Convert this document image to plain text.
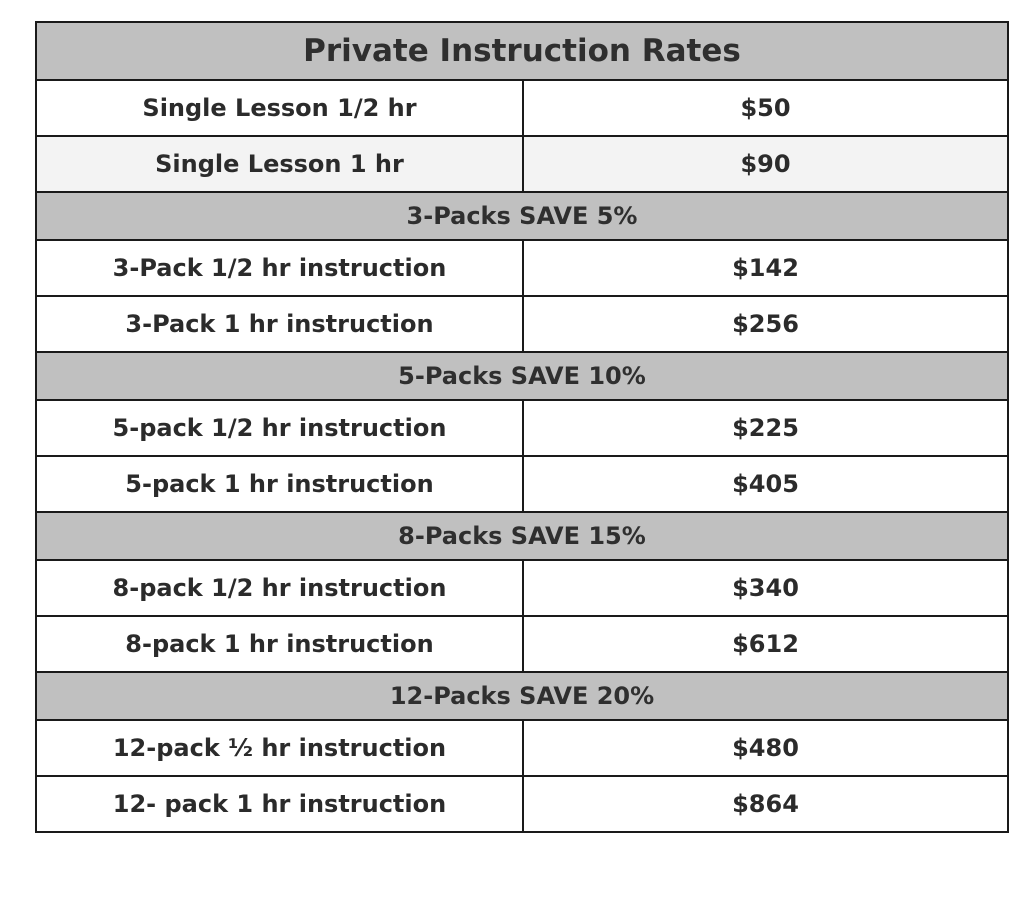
Private Instruction Rates	
Single Lesson 1/2 hr	$50
Single Lesson 1 hr	$90
3-Packs SAVE 5%	
3-Pack 1/2 hr instruction	$142
3-Pack 1 hr instruction	$256
5-Packs SAVE 10%	
5-pack 1/2 hr instruction	$225
5-pack 1 hr instruction	$405
8-Packs SAVE 15%	
8-pack 1/2 hr instruction	$340
8-pack 1 hr instruction	$612
12-Packs SAVE 20%	
12-pack ½ hr instruction	$480
12- pack 1 hr instruction	$864
